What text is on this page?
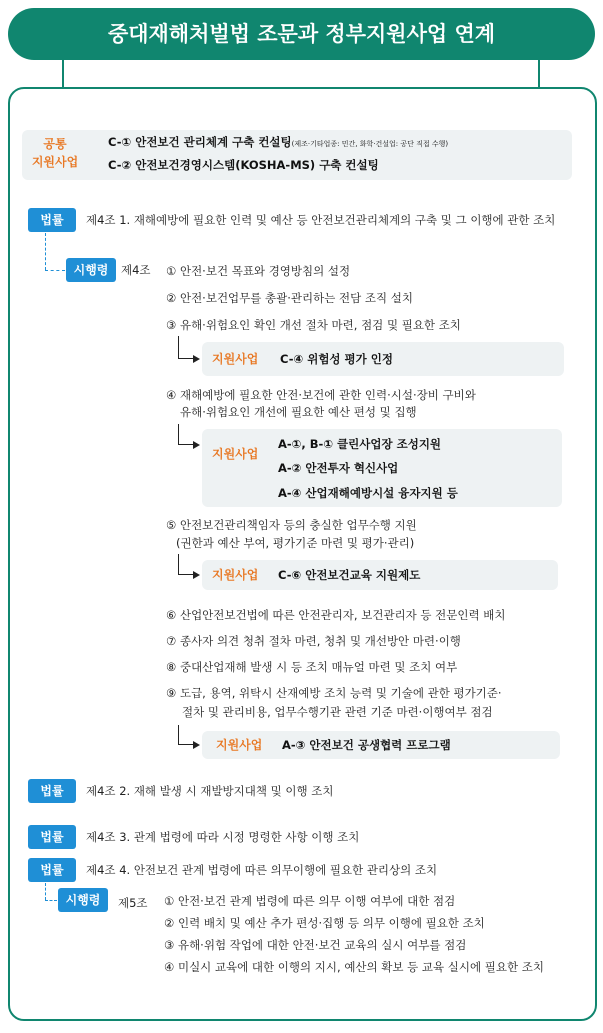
중대재해처벌법 조문과 정부지원사업 연계
공통
지원사업
C-① 안전보건 관리체계 구축 컨설팅(제조·기타업종: 민간, 화학·건설업: 공단 직접 수행)
C-② 안전보건경영시스템(KOSHA-MS) 구축 컨설팅
법률	제4조 1. 재해예방에 필요한 인력 및 예산 등 안전보건관리체계의 구축 및 그 이행에 관한 조치
시행령	제4조 ① 안전·보건 목표와 경영방침의 설정
② 안전·보건업무를 총괄·관리하는 전담 조직 설치
③ 유해·위험요인 확인 개선 절차 마련, 점검 및 필요한 조치
지원사업 C-④ 위험성 평가 인정
④ 재해예방에 필요한 안전·보건에 관한 인력·시설·장비 구비와
유해·위험요인 개선에 필요한 예산 편성 및 집행
지원사업
A-①, B-① 클린사업장 조성지원
A-② 안전투자 혁신사업
A-④ 산업재해예방시설 융자지원 등
⑤ 안전보건관리책임자 등의 충실한 업무수행 지원
(권한과 예산 부여, 평가기준 마련 및 평가·관리)
지원사업 C-⑥ 안전보건교육 지원제도
⑥ 산업안전보건법에 따른 안전관리자, 보건관리자 등 전문인력 배치
⑦ 종사자 의견 청취 절차 마련, 청취 및 개선방안 마련·이행
⑧ 중대산업재해 발생 시 등 조치 매뉴얼 마련 및 조치 여부
⑨ 도급, 용역, 위탁시 산재예방 조치 능력 및 기술에 관한 평가기준·
절차 및 관리비용, 업무수행기관 관련 기준 마련·이행여부 점검
지원사업 A-③ 안전보건 공생협력 프로그램
법률	제4조 2. 재해 발생 시 재발방지대책 및 이행 조치
법률	제4조 3. 관계 법령에 따라 시정 명령한 사항 이행 조치
법률	제4조 4. 안전보건 관계 법령에 따른 의무이행에 필요한 관리상의 조치
시행령	제5조 ① 안전·보건 관계 법령에 따른 의무 이행 여부에 대한 점검
② 인력 배치 및 예산 추가 편성·집행 등 의무 이행에 필요한 조치
③ 유해·위험 작업에 대한 안전·보건 교육의 실시 여부를 점검
④ 미실시 교육에 대한 이행의 지시, 예산의 확보 등 교육 실시에 필요한 조치
